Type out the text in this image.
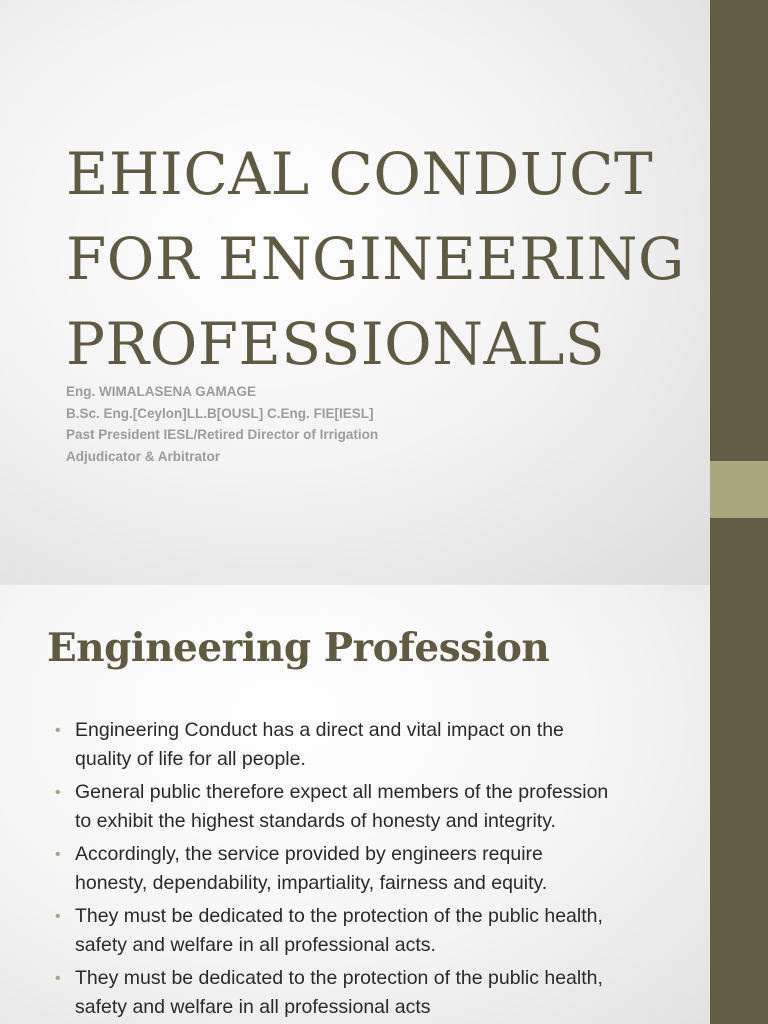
EHICAL CONDUCT
FOR ENGINEERING
PROFESSIONALS
Eng. WIMALASENA GAMAGE
B.Sc. Eng.[Ceylon]LL.B[OUSL] C.Eng. FIE[IESL]
Past President IESL/Retired Director of Irrigation
Adjudicator & Arbitrator
Engineering Profession
• Engineering Conduct has a direct and vital impact on the
quality of life for all people.
• General public therefore expect all members of the profession
to exhibit the highest standards of honesty and integrity.
• Accordingly, the service provided by engineers require
honesty, dependability, impartiality, fairness and equity.
• They must be dedicated to the protection of the public health,
safety and welfare in all professional acts.
• They must be dedicated to the protection of the public health,
safety and welfare in all professional acts
